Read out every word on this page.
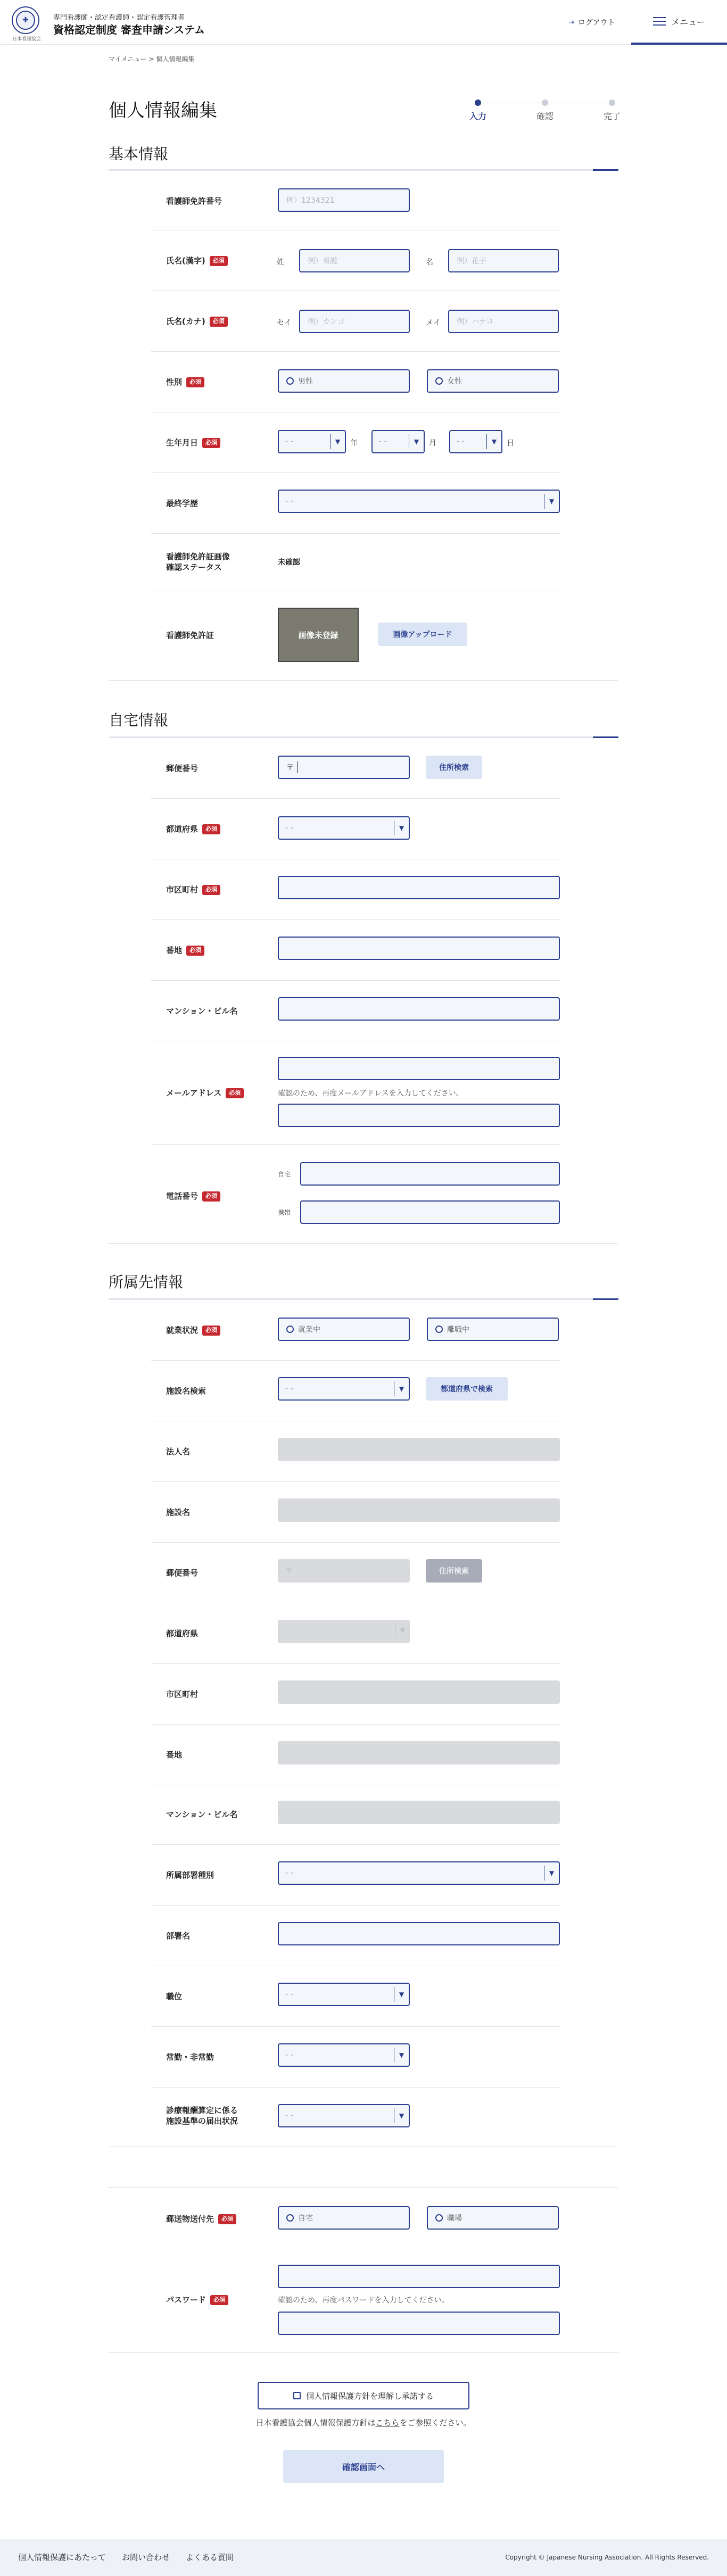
✚
日本看護協会
専門看護師・認定看護師・認定看護管理者
資格認定制度 審査申請システム
⇥ ログアウト	メニュー
マイメニュー > 個人情報編集
個人情報編集	入力	確認	完了
基本情報
看護師免許番号	例）1234321
氏名(漢字)	必須	姓	例）看護	名	例）花子
氏名(カナ)	必須	セイ	例）カンゴ	メイ	例）ハナコ
性別	必須	男性	女性
生年月日	必須	- -	▼	年	- -	▼	月	- -	▼	日
最終学歴	- -	▼
看護師免許証画像
確認ステータス
未確認
看護師免許証	画像未登録	画像アップロード
自宅情報
郵便番号	〒	住所検索
都道府県	必須	- -	▼
市区町村	必須
番地	必須
マンション・ビル名
メールアドレス	必須	確認のため、再度メールアドレスを入力してください。
電話番号	必須
自宅
携帯
所属先情報
就業状況	必須	就業中	離職中
施設名検索	- -	▼	都道府県で検索
法人名
施設名
郵便番号	〒	住所検索
都道府県	- -	▼
市区町村
番地
マンション・ビル名
所属部署種別	- -	▼
部署名
職位	- -	▼
常勤・非常勤	- -	▼
診療報酬算定に係る
施設基準の届出状況
- -	▼
郵送物送付先	必須	自宅	職場
パスワード	必須	確認のため、再度パスワードを入力してください。
個人情報保護方針を理解し承諾する
日本看護協会個人情報保護方針はこちらをご参照ください。
確認画面へ
個人情報保護にあたって お問い合わせ よくある質問	Copyright © Japanese Nursing Association. All Rights Reserved.
